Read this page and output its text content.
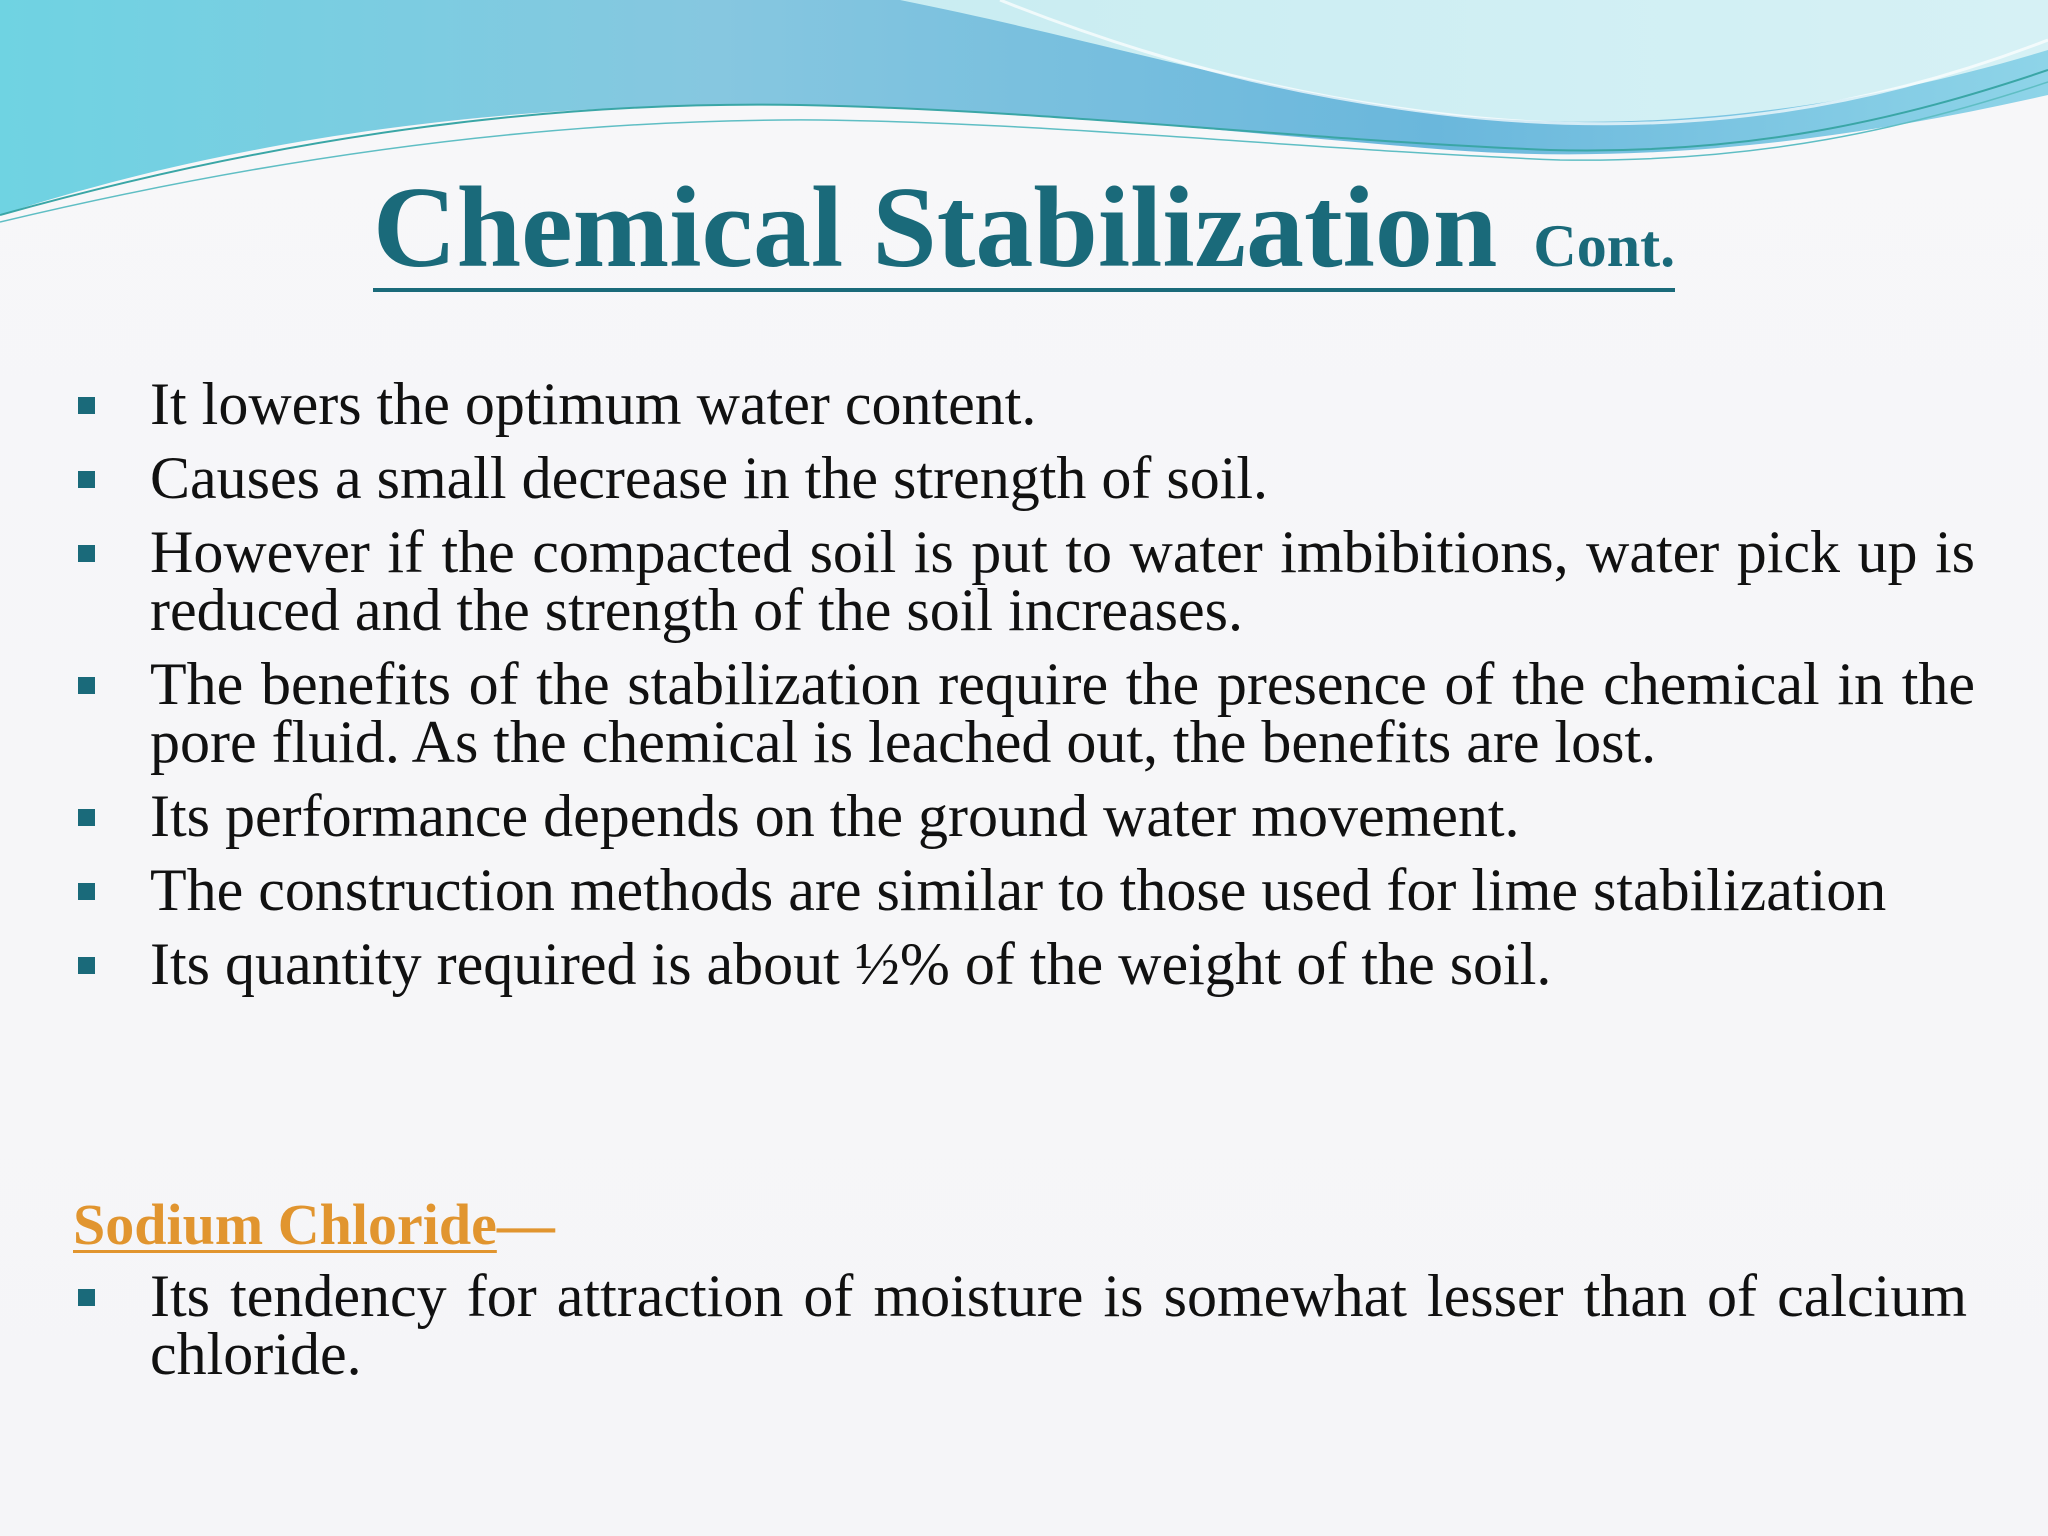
Chemical Stabilization Cont.
It lowers the optimum water content.
Causes a small decrease in the strength of soil.
However if the compacted soil is put to water imbibitions, water pick up is reduced and the strength of the soil increases.
The benefits of the stabilization require the presence of the chemical in the pore fluid. As the chemical is leached out, the benefits are lost.
Its performance depends on the ground water movement.
The construction methods are similar to those used for lime stabilization
Its quantity required is about ½% of the weight of the soil.
Sodium Chloride—
Its tendency for attraction of moisture is somewhat lesser than of calcium chloride.
